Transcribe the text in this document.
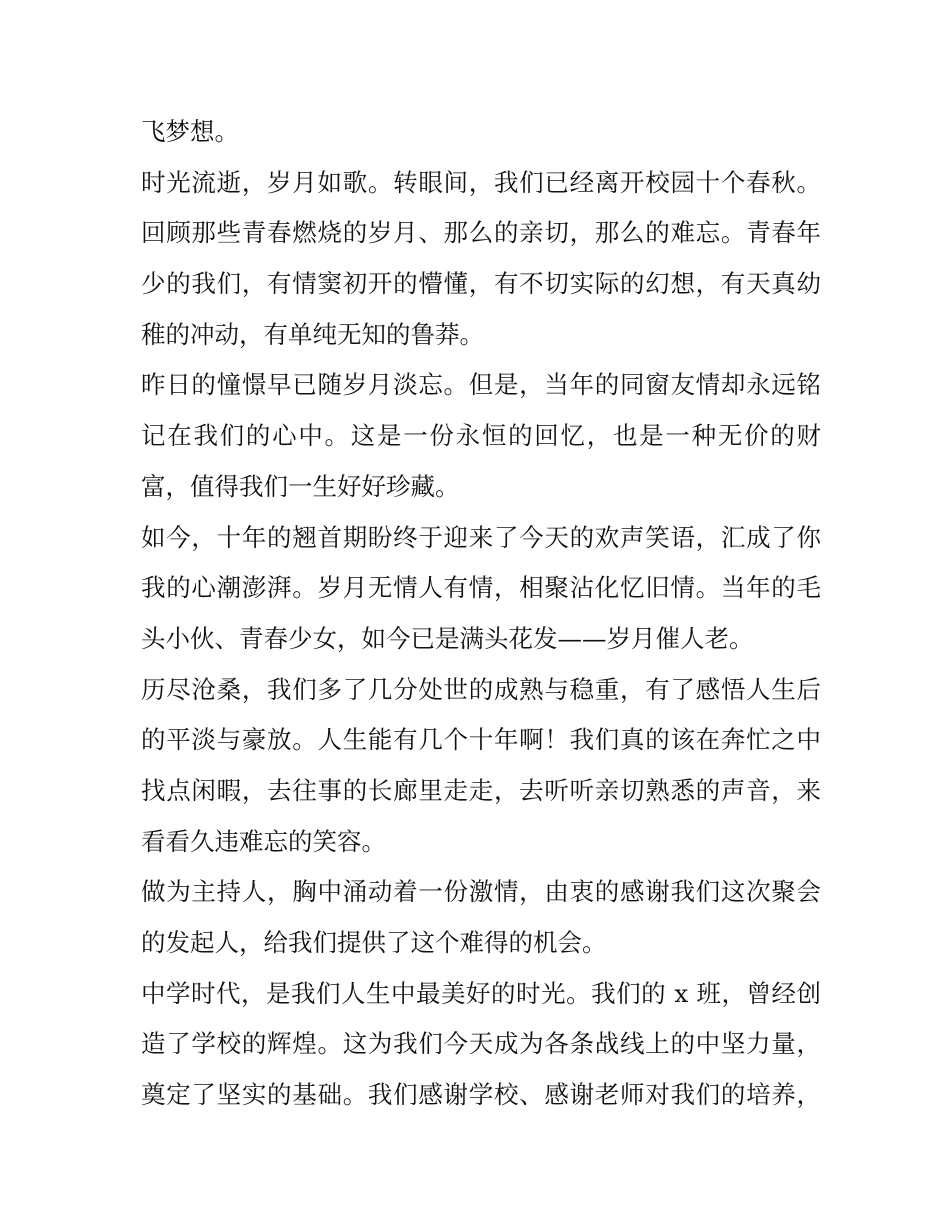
飞梦想。
时光流逝，岁月如歌。转眼间，我们已经离开校园十个春秋。
回顾那些青春燃烧的岁月、那么的亲切，那么的难忘。青春年
少的我们，有情窦初开的懵懂，有不切实际的幻想，有天真幼
稚的冲动，有单纯无知的鲁莽。
昨日的憧憬早已随岁月淡忘。但是，当年的同窗友情却永远铭
记在我们的心中。这是一份永恒的回忆，也是一种无价的财
富，值得我们一生好好珍藏。
如今，十年的翘首期盼终于迎来了今天的欢声笑语，汇成了你
我的心潮澎湃。岁月无情人有情，相聚沾化忆旧情。当年的毛
头小伙、青春少女，如今已是满头花发——岁月催人老。
历尽沧桑，我们多了几分处世的成熟与稳重，有了感悟人生后
的平淡与豪放。人生能有几个十年啊！我们真的该在奔忙之中
找点闲暇，去往事的长廊里走走，去听听亲切熟悉的声音，来
看看久违难忘的笑容。
做为主持人，胸中涌动着一份激情，由衷的感谢我们这次聚会
的发起人，给我们提供了这个难得的机会。
中学时代，是我们人生中最美好的时光。我们的 x 班，曾经创
造了学校的辉煌。这为我们今天成为各条战线上的中坚力量，
奠定了坚实的基础。我们感谢学校、感谢老师对我们的培养，
